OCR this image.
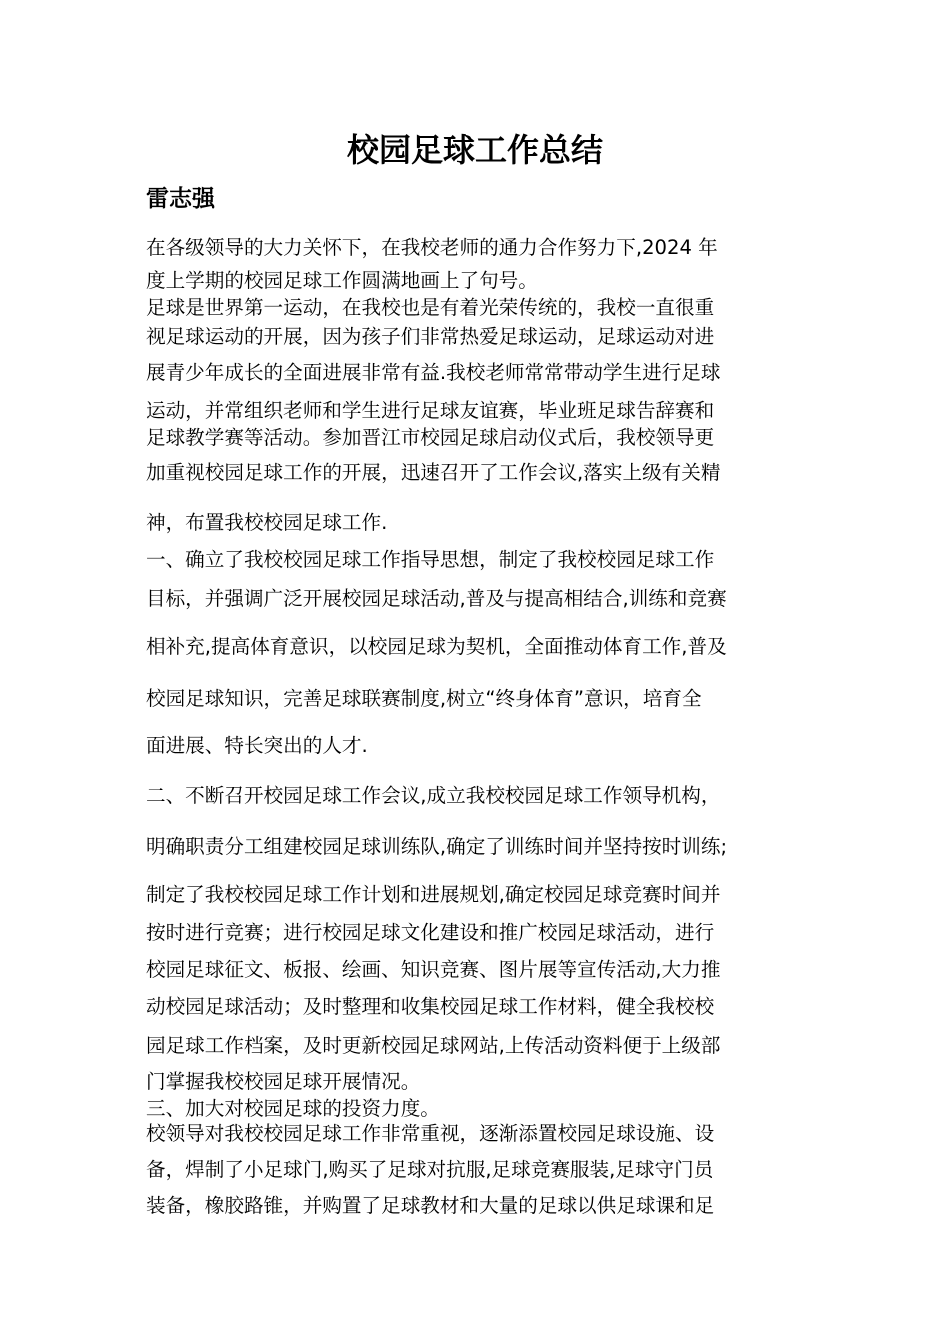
校园足球工作总结
雷志强
在各级领导的大力关怀下，在我校老师的通力合作努力下,2024 年
度上学期的校园足球工作圆满地画上了句号。
足球是世界第一运动，在我校也是有着光荣传统的，我校一直很重
视足球运动的开展，因为孩子们非常热爱足球运动，足球运动对进
展青少年成长的全面进展非常有益.我校老师常常带动学生进行足球
运动，并常组织老师和学生进行足球友谊赛，毕业班足球告辞赛和
足球教学赛等活动。参加晋江市校园足球启动仪式后，我校领导更
加重视校园足球工作的开展，迅速召开了工作会议,落实上级有关精
神，布置我校校园足球工作.
一、确立了我校校园足球工作指导思想，制定了我校校园足球工作
目标，并强调广泛开展校园足球活动,普及与提高相结合,训练和竞赛
相补充,提高体育意识，以校园足球为契机，全面推动体育工作,普及
校园足球知识，完善足球联赛制度,树立“终身体育”意识，培育全
面进展、特长突出的人才.
二、不断召开校园足球工作会议,成立我校校园足球工作领导机构，
明确职责分工组建校园足球训练队,确定了训练时间并坚持按时训练;
制定了我校校园足球工作计划和进展规划,确定校园足球竞赛时间并
按时进行竞赛；进行校园足球文化建设和推广校园足球活动，进行
校园足球征文、板报、绘画、知识竞赛、图片展等宣传活动,大力推
动校园足球活动；及时整理和收集校园足球工作材料，健全我校校
园足球工作档案，及时更新校园足球网站,上传活动资料便于上级部
门掌握我校校园足球开展情况。
三、加大对校园足球的投资力度。
校领导对我校校园足球工作非常重视，逐渐添置校园足球设施、设
备，焊制了小足球门,购买了足球对抗服,足球竞赛服装,足球守门员
装备，橡胶路锥，并购置了足球教材和大量的足球以供足球课和足
